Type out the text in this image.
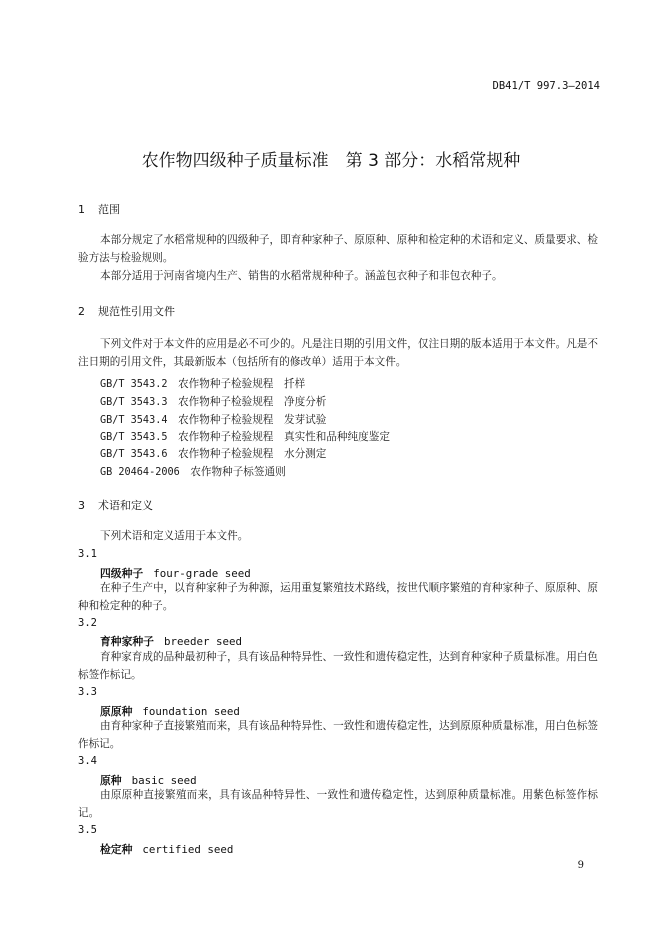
DB41/T 997.3—2014
农作物四级种子质量标准　第 3 部分：水稻常规种
1 范围
本部分规定了水稻常规种的四级种子，即育种家种子、原原种、原种和检定种的术语和定义、质量要求、检验方法与检验规则。
本部分适用于河南省境内生产、销售的水稻常规种种子。涵盖包衣种子和非包衣种子。
2 规范性引用文件
下列文件对于本文件的应用是必不可少的。凡是注日期的引用文件，仅注日期的版本适用于本文件。凡是不注日期的引用文件，其最新版本（包括所有的修改单）适用于本文件。
GB/T 3543.2　 农作物种子检验规程　扦样
GB/T 3543.3　 农作物种子检验规程　净度分析
GB/T 3543.4　 农作物种子检验规程　发芽试验
GB/T 3543.5　 农作物种子检验规程　真实性和品种纯度鉴定
GB/T 3543.6　 农作物种子检验规程　水分测定
GB 20464-2006　 农作物种子标签通则
3 术语和定义
下列术语和定义适用于本文件。
3.1
四级种子 four-grade seed
在种子生产中，以育种家种子为种源，运用重复繁殖技术路线，按世代顺序繁殖的育种家种子、原原种、原种和检定种的种子。
3.2
育种家种子 breeder seed
育种家育成的品种最初种子，具有该品种特异性、一致性和遗传稳定性，达到育种家种子质量标准。用白色标签作标记。
3.3
原原种 foundation seed
由育种家种子直接繁殖而来，具有该品种特异性、一致性和遗传稳定性，达到原原种质量标准，用白色标签作标记。
3.4
原种 basic seed
由原原种直接繁殖而来，具有该品种特异性、一致性和遗传稳定性，达到原种质量标准。用紫色标签作标记。
3.5
检定种 certified seed
9
